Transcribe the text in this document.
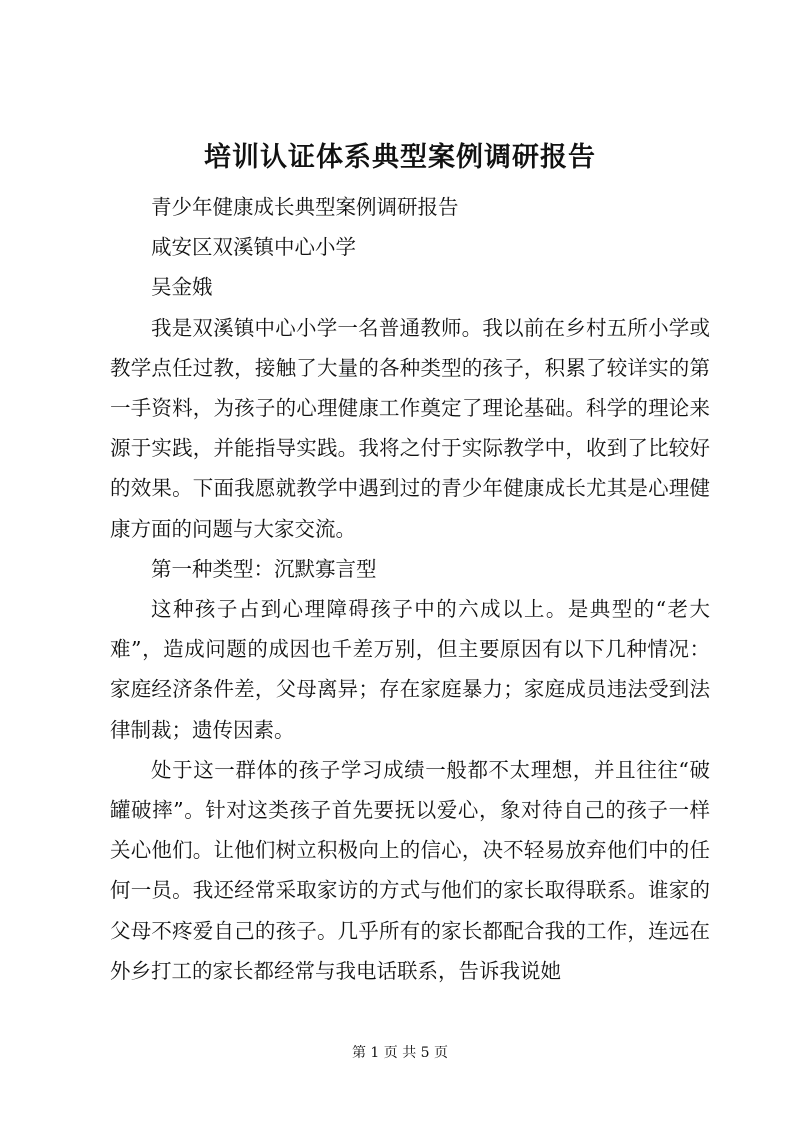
培训认证体系典型案例调研报告

青少年健康成长典型案例调研报告

咸安区双溪镇中心小学

吴金娥

我是双溪镇中心小学一名普通教师。我以前在乡村五所小学或教学点任过教，接触了大量的各种类型的孩子，积累了较详实的第一手资料，为孩子的心理健康工作奠定了理论基础。科学的理论来源于实践，并能指导实践。我将之付于实际教学中，收到了比较好的效果。下面我愿就教学中遇到过的青少年健康成长尤其是心理健康方面的问题与大家交流。

第一种类型：沉默寡言型

这种孩子占到心理障碍孩子中的六成以上。是典型的“老大难”，造成问题的成因也千差万别，但主要原因有以下几种情况：家庭经济条件差，父母离异；存在家庭暴力；家庭成员违法受到法律制裁；遗传因素。

处于这一群体的孩子学习成绩一般都不太理想，并且往往“破罐破摔”。针对这类孩子首先要抚以爱心，象对待自己的孩子一样关心他们。让他们树立积极向上的信心，决不轻易放弃他们中的任何一员。我还经常采取家访的方式与他们的家长取得联系。谁家的父母不疼爱自己的孩子。几乎所有的家长都配合我的工作，连远在外乡打工的家长都经常与我电话联系，告诉我说她

第 1 页 共 5 页
